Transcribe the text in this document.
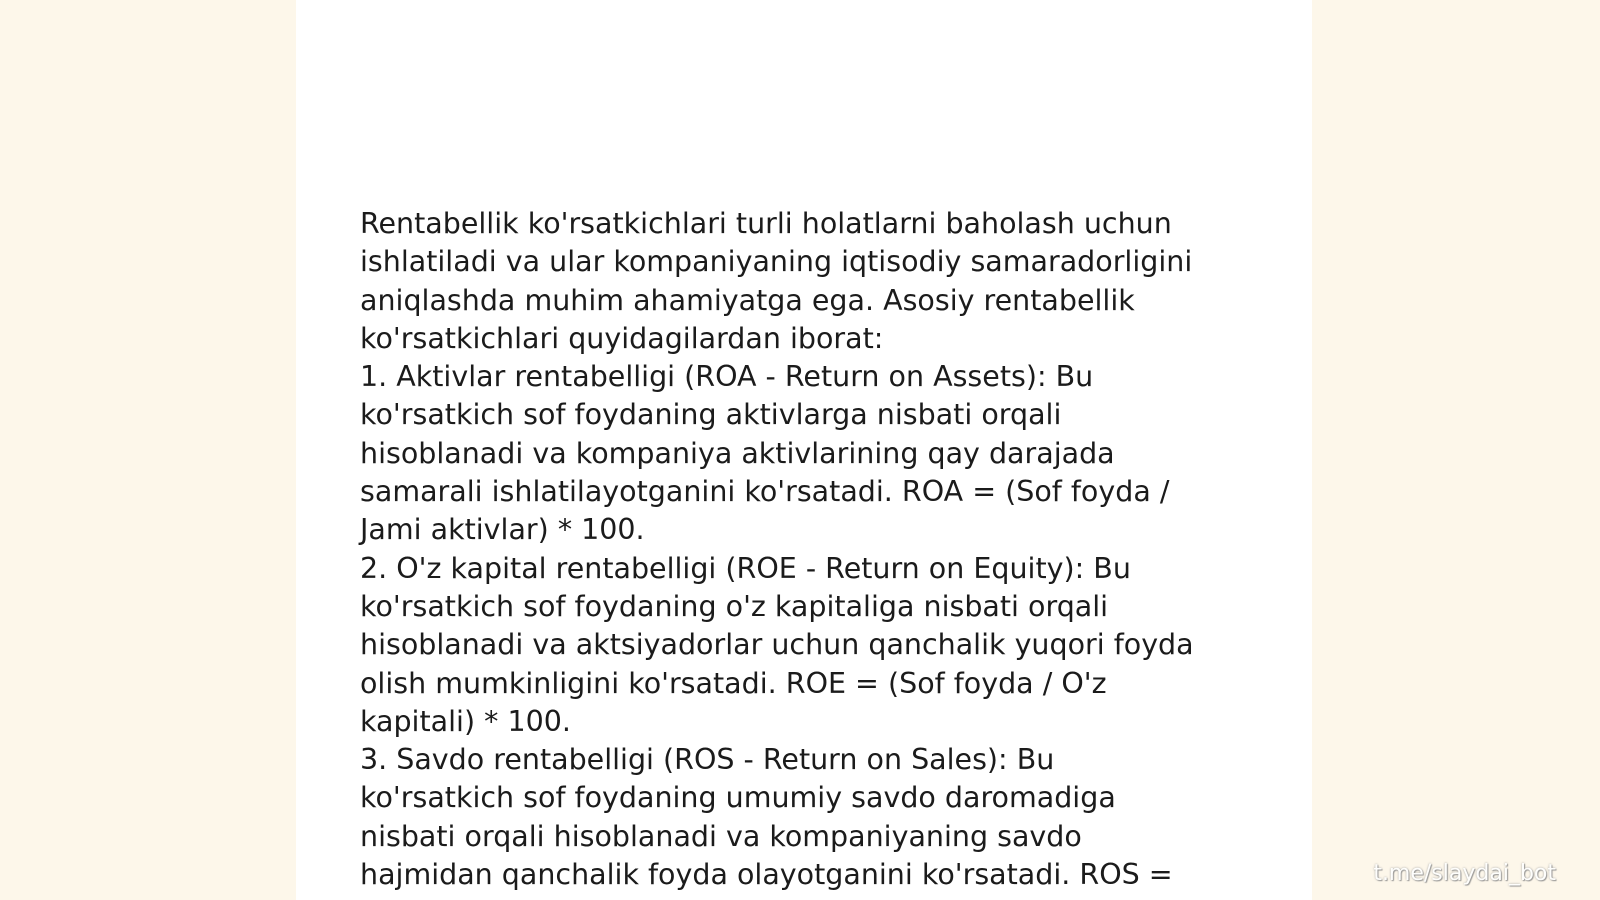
Rentabellik ko'rsatkichlari turli holatlarni baholash uchun
ishlatiladi va ular kompaniyaning iqtisodiy samaradorligini
aniqlashda muhim ahamiyatga ega. Asosiy rentabellik
ko'rsatkichlari quyidagilardan iborat:
1. Aktivlar rentabelligi (ROA - Return on Assets): Bu
ko'rsatkich sof foydaning aktivlarga nisbati orqali
hisoblanadi va kompaniya aktivlarining qay darajada
samarali ishlatilayotganini ko'rsatadi. ROA = (Sof foyda /
Jami aktivlar) * 100.
2. O'z kapital rentabelligi (ROE - Return on Equity): Bu
ko'rsatkich sof foydaning o'z kapitaliga nisbati orqali
hisoblanadi va aktsiyadorlar uchun qanchalik yuqori foyda
olish mumkinligini ko'rsatadi. ROE = (Sof foyda / O'z
kapitali) * 100.
3. Savdo rentabelligi (ROS - Return on Sales): Bu
ko'rsatkich sof foydaning umumiy savdo daromadiga
nisbati orqali hisoblanadi va kompaniyaning savdo
hajmidan qanchalik foyda olayotganini ko'rsatadi. ROS =	t.me/slaydai_bot
